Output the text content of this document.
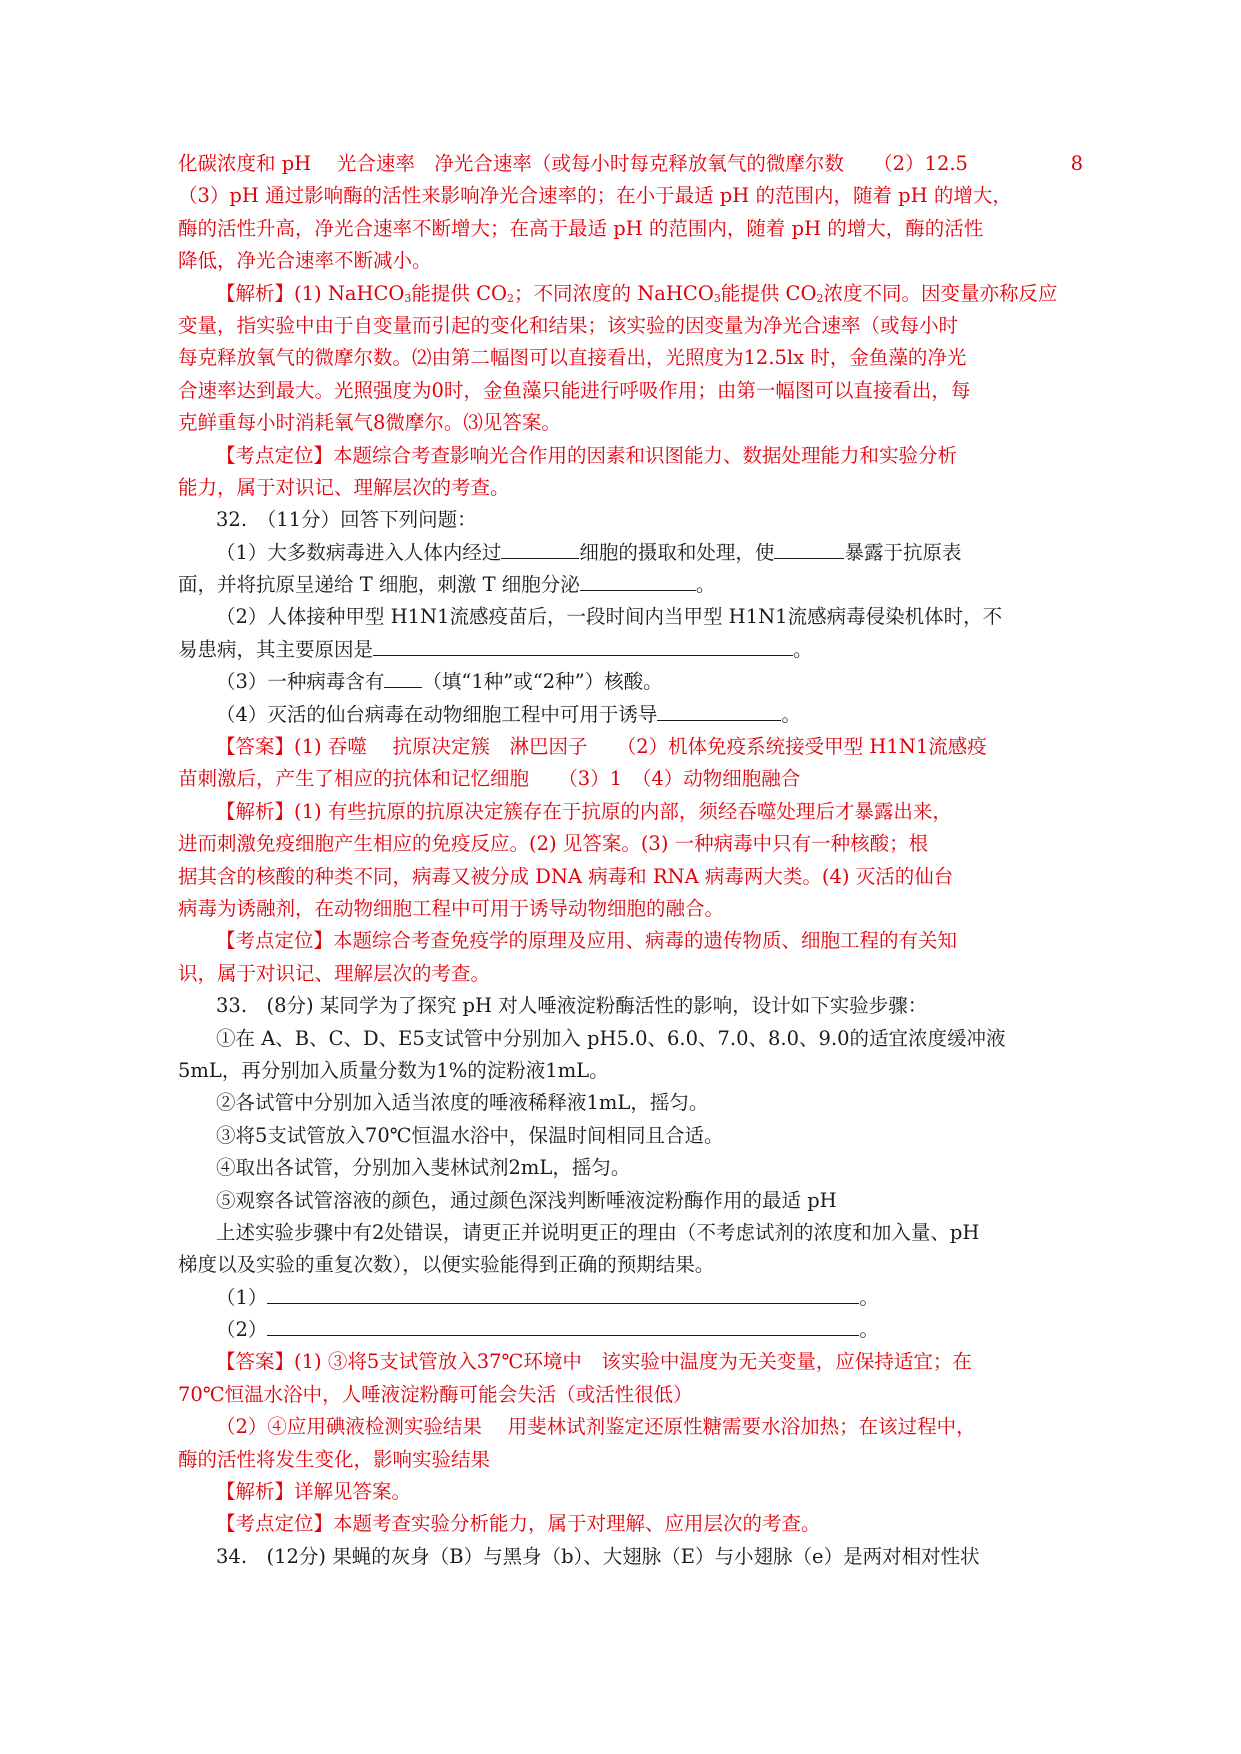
化碳浓度和 pH　 光合速率　净光合速率（或每小时每克释放氧气的微摩尔数　　（2）12.5	8
（3）pH 通过影响酶的活性来影响净光合速率的；在小于最适 pH 的范围内，随着 pH 的增大，
酶的活性升高，净光合速率不断增大；在高于最适 pH 的范围内，随着 pH 的增大，酶的活性
降低，净光合速率不断减小。
【解析】(1) NaHCO$_3$能提供 $CO_2$；不同浓度的 NaHCO$_3$能提供 $CO_2$浓度不同。因变量亦称反应
变量，指实验中由于自变量而引起的变化和结果；该实验的因变量为净光合速率（或每小时
每克释放氧气的微摩尔数。⑵由第二幅图可以直接看出，光照度为12.5lx 时，金鱼藻的净光
合速率达到最大。光照强度为0时，金鱼藻只能进行呼吸作用；由第一幅图可以直接看出，每
克鲜重每小时消耗氧气8微摩尔。⑶见答案。
【考点定位】本题综合考查影响光合作用的因素和识图能力、数据处理能力和实验分析
能力，属于对识记、理解层次的考查。
32.　（11分）回答下列问题：
（1）大多数病毒进入人体内经过	细胞的摄取和处理，使	暴露于抗原表
面，并将抗原呈递给 T 细胞，刺激 T 细胞分泌	。
（2）人体接种甲型 H1N1流感疫苗后，一段时间内当甲型 H1N1流感病毒侵染机体时，不
易患病，其主要原因是	。
（3）一种病毒含有 （填“1种”或“2种”）核酸。
（4）灭活的仙台病毒在动物细胞工程中可用于诱导	。
【答案】(1) 吞噬　 抗原决定簇　淋巴因子　　（2）机体免疫系统接受甲型 H1N1流感疫
苗刺激后，产生了相应的抗体和记忆细胞　　（3）1　（4）动物细胞融合
【解析】(1) 有些抗原的抗原决定簇存在于抗原的内部，须经吞噬处理后才暴露出来，
进而刺激免疫细胞产生相应的免疫反应。(2) 见答案。(3) 一种病毒中只有一种核酸；根
据其含的核酸的种类不同，病毒又被分成 DNA 病毒和 RNA 病毒两大类。(4) 灭活的仙台
病毒为诱融剂，在动物细胞工程中可用于诱导动物细胞的融合。
【考点定位】本题综合考查免疫学的原理及应用、病毒的遗传物质、细胞工程的有关知
识，属于对识记、理解层次的考查。
33.　(8分) 某同学为了探究 pH 对人唾液淀粉酶活性的影响，设计如下实验步骤：
①在 A、B、C、D、E5支试管中分别加入 pH5.0、6.0、7.0、8.0、9.0的适宜浓度缓冲液
5mL，再分别加入质量分数为1%的淀粉液1mL。
②各试管中分别加入适当浓度的唾液稀释液1mL，摇匀。
③将5支试管放入70℃恒温水浴中，保温时间相同且合适。
④取出各试管，分别加入斐林试剂2mL，摇匀。
⑤观察各试管溶液的颜色，通过颜色深浅判断唾液淀粉酶作用的最适 pH
上述实验步骤中有2处错误，请更正并说明更正的理由（不考虑试剂的浓度和加入量、pH
梯度以及实验的重复次数），以便实验能得到正确的预期结果。
（1）	。
（2）	。
【答案】(1) ③将5支试管放入37℃环境中　该实验中温度为无关变量，应保持适宜；在
70℃恒温水浴中，人唾液淀粉酶可能会失活（或活性很低）
（2）④应用碘液检测实验结果　 用斐林试剂鉴定还原性糖需要水浴加热；在该过程中，
酶的活性将发生变化，影响实验结果
【解析】详解见答案。
【考点定位】本题考查实验分析能力，属于对理解、应用层次的考查。
34.　(12分) 果蝇的灰身（B）与黑身（b）、大翅脉（E）与小翅脉（e）是两对相对性状
